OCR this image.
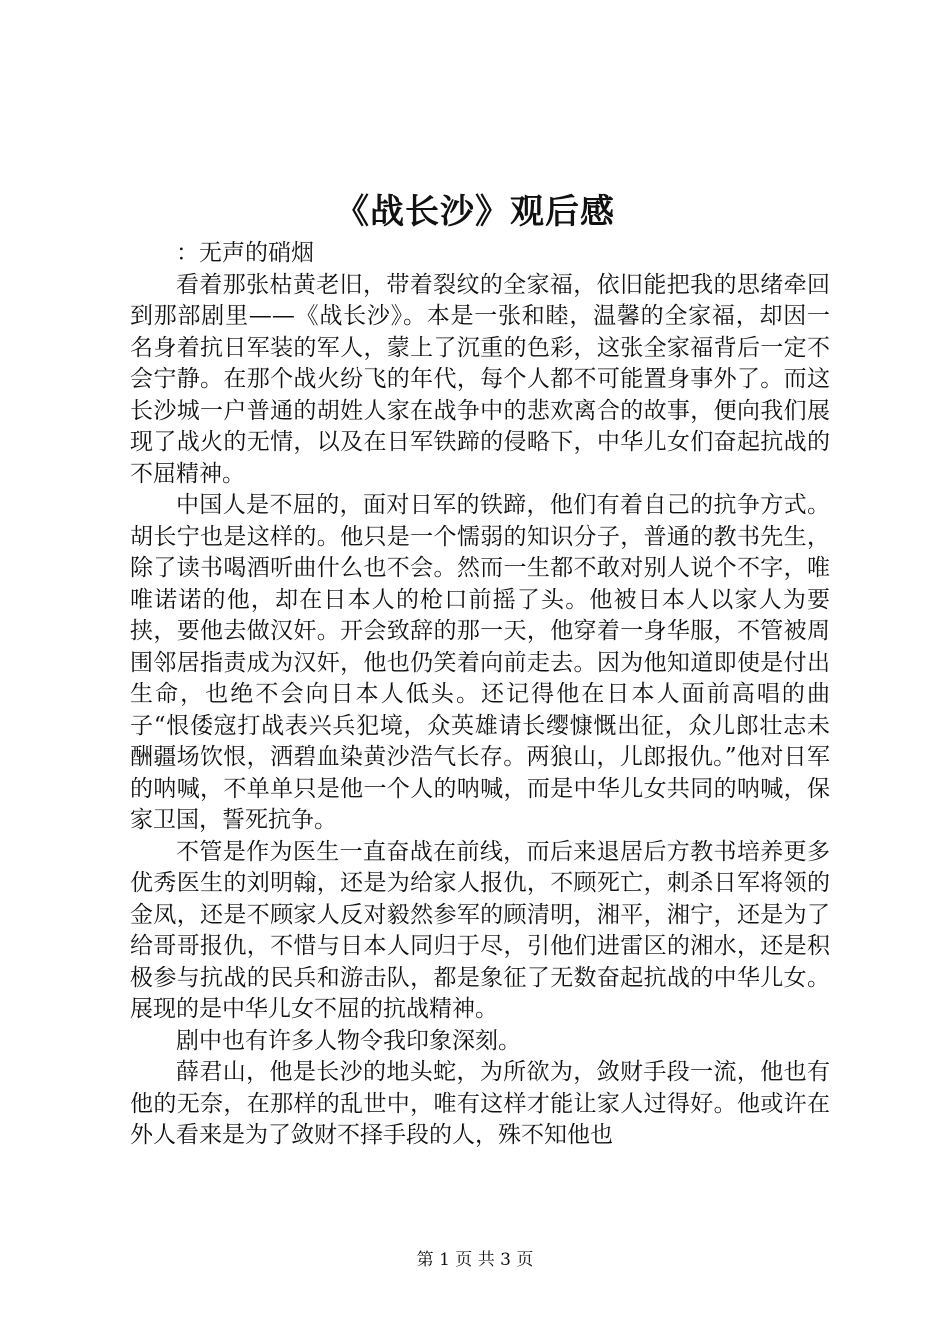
《战长沙》观后感

：无声的硝烟

看着那张枯黄老旧，带着裂纹的全家福，依旧能把我的思绪牵回到那部剧里——《战长沙》。本是一张和睦，温馨的全家福，却因一名身着抗日军装的军人，蒙上了沉重的色彩，这张全家福背后一定不会宁静。在那个战火纷飞的年代，每个人都不可能置身事外了。而这长沙城一户普通的胡姓人家在战争中的悲欢离合的故事，便向我们展现了战火的无情，以及在日军铁蹄的侵略下，中华儿女们奋起抗战的不屈精神。

中国人是不屈的，面对日军的铁蹄，他们有着自己的抗争方式。胡长宁也是这样的。他只是一个懦弱的知识分子，普通的教书先生，除了读书喝酒听曲什么也不会。然而一生都不敢对别人说个不字，唯唯诺诺的他，却在日本人的枪口前摇了头。他被日本人以家人为要挟，要他去做汉奸。开会致辞的那一天，他穿着一身华服，不管被周围邻居指责成为汉奸，他也仍笑着向前走去。因为他知道即使是付出生命，也绝不会向日本人低头。还记得他在日本人面前高唱的曲子“恨倭寇打战表兴兵犯境，众英雄请长缨慷慨出征，众儿郎壮志未酬疆场饮恨，洒碧血染黄沙浩气长存。两狼山，儿郎报仇。”他对日军的呐喊，不单单只是他一个人的呐喊，而是中华儿女共同的呐喊，保家卫国，誓死抗争。

不管是作为医生一直奋战在前线，而后来退居后方教书培养更多优秀医生的刘明翰，还是为给家人报仇，不顾死亡，刺杀日军将领的金凤，还是不顾家人反对毅然参军的顾清明，湘平，湘宁，还是为了给哥哥报仇，不惜与日本人同归于尽，引他们进雷区的湘水，还是积极参与抗战的民兵和游击队，都是象征了无数奋起抗战的中华儿女。展现的是中华儿女不屈的抗战精神。

剧中也有许多人物令我印象深刻。

薛君山，他是长沙的地头蛇，为所欲为，敛财手段一流，他也有他的无奈，在那样的乱世中，唯有这样才能让家人过得好。他或许在外人看来是为了敛财不择手段的人，殊不知他也

第 1 页 共 3 页
